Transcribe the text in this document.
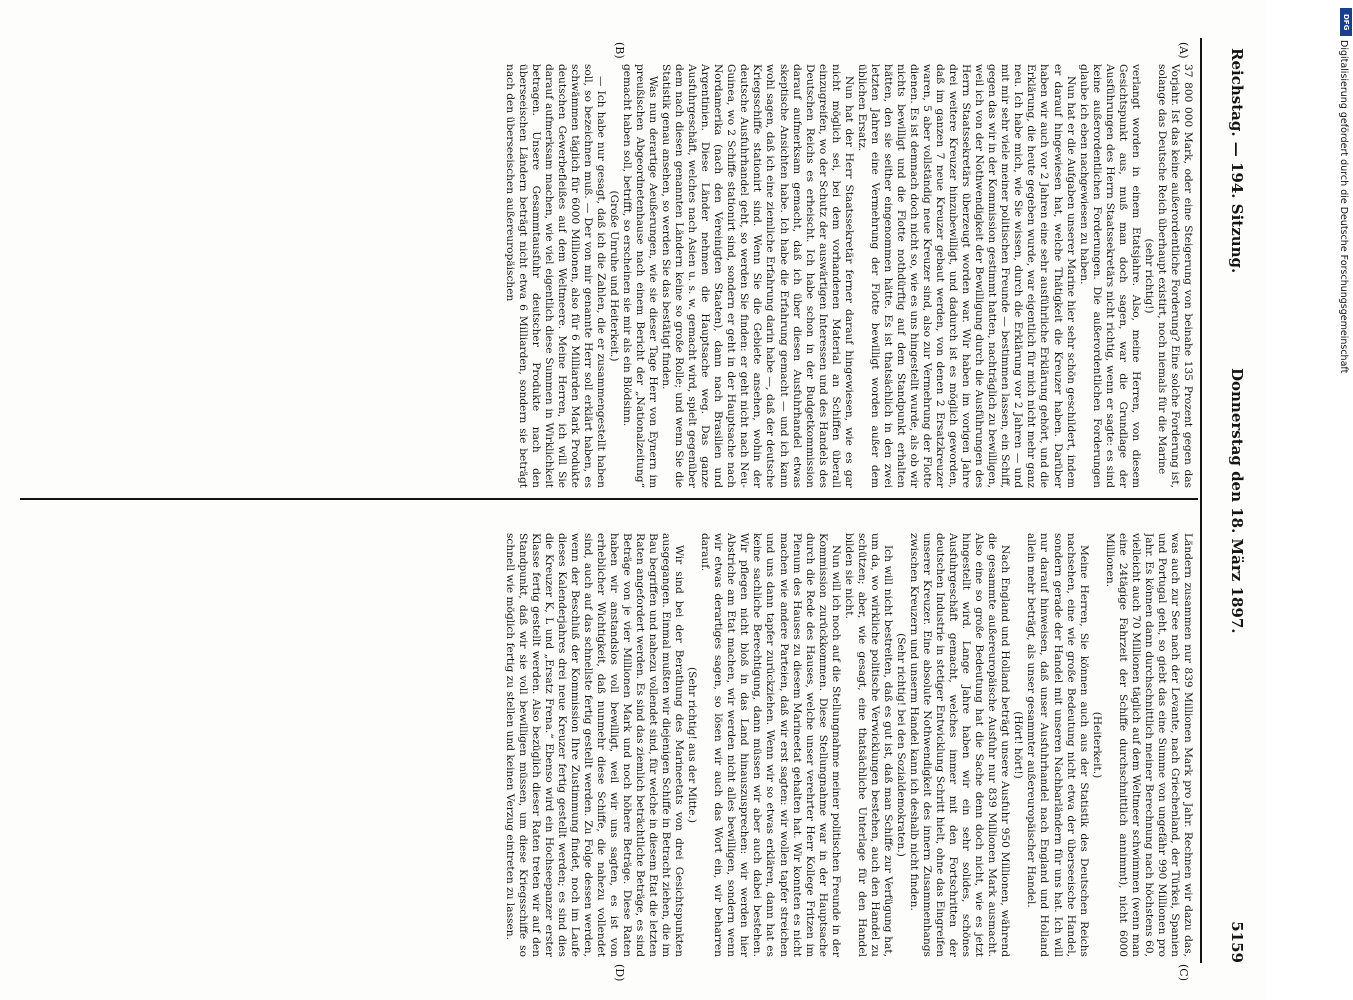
Reichstag. — 194. Sitzung.
Donnerstag den 18. März 1897.
5159
(A)
(B)
(C)
(D)

37 800 000 Mark, oder eine Steigerung von beinahe 135 Prozent gegen das Vorjahr. Ist das keine außerordentliche Forderung? Eine solche Forderung ist, solange das Deutsche Reich überhaupt existirt, noch niemals für die Marine

(sehr richtig!)

verlangt worden in einem Etatsjahre. Also, meine Herren, von diesem Gesichtspunkt aus, muß man doch sagen, war die Grundlage der Ausführungen des Herrn Staatssekretärs nicht richtig, wenn er sagte: es sind keine außerordentlichen Forderungen. Die außerordentlichen Forderungen glaube ich eben nachgewiesen zu haben.

Nun hat er die Aufgaben unserer Marine hier sehr schön geschildert, indem er darauf hingewiesen hat, welche Thätigkeit die Kreuzer haben. Darüber haben wir auch vor 2 Jahren eine sehr ausführliche Erklärung gehört, und die Erklärung, die heute gegeben wurde, war eigentlich für mich nicht mehr ganz neu. Ich habe mich, wie Sie wissen, durch die Erklärung vor 2 Jahren — und mit mir sehr viele meiner politischen Freunde — bestimmen lassen, ein Schiff, gegen das wir in der Kommission gestimmt hatten, nachträglich zu bewilligen, weil ich von der Nothwendigkeit der Bewilligung durch die Ausführungen des Herrn Staatssekretärs überzeugt worden war. Wir haben im vorigen Jahre drei weitere Kreuzer hinzubewilligt, und dadurch ist es möglich geworden, daß im ganzen 7 neue Kreuzer gebaut werden, von denen 2 Ersatzkreuzer waren, 5 aber vollständig neue Kreuzer sind, also zur Vermehrung der Flotte dienen. Es ist demnach doch nicht so, wie es uns hingestellt wurde, als ob wir nichts bewilligt und die Flotte nothdürftig auf dem Standpunkt erhalten hätten, den sie seither eingenommen hätte. Es ist thatsächlich in den zwei letzten Jahren eine Vermehrung der Flotte bewilligt worden außer dem üblichen Ersatz.

Nun hat der Herr Staatssekretär ferner darauf hingewiesen, wie es gar nicht möglich sei, bei dem vorhandenen Material an Schiffen überall einzugreifen, wo der Schutz der auswärtigen Interessen und des Handels des Deutschen Reichs es erheischt. Ich habe schon in der Budgetkommission darauf aufmerksam gemacht, daß ich über diesen Ausfuhrhandel etwas skeptische Ansichten habe. Ich habe die Erfahrung gemacht — und ich kann wohl sagen, daß ich eine ziemliche Erfahrung darin habe —, daß der deutsche Kriegsschiffe stationirt sind. Wenn Sie die Gebiete ansehen, wohin der deutsche Ausfuhrhandel geht, so werden Sie finden: er geht nicht nach Neu-Guinea, wo 2 Schiffe stationirt sind, sondern er geht in der Hauptsache nach Nordamerika (nach den Vereinigten Staaten), dann nach Brasilien und Argentinien. Diese Länder nehmen die Hauptsache weg. Das ganze Ausfuhrgeschäft, welches nach Asien u. s. w. gemacht wird, spielt gegenüber dem nach diesen genannten Ländern keine so große Rolle; und wenn Sie die Statistik genau ansehen, so werden Sie das bestätigt finden.

Was nun derartige Aeußerungen, wie sie dieser Tage Herr von Eynern im preußischen Abgeordnetenhause nach einem Bericht der „Nationalzeitung“ gemacht haben soll, betrifft, so erscheinen sie mir als ein Blödsinn.

(Große Unruhe und Heiterkeit.)

— Ich habe nur gesagt, daß ich die Zahlen, die er zusammengestellt haben soll, so bezeichnen muß. — Der von mir genannte Herr soll erklärt haben, es schwämmen täglich für 6000 Millionen, also für 6 Milliarden Mark Produkte deutschen Gewerbefleißes auf dem Weltmeere. Meine Herren, ich will Sie darauf aufmerksam machen, wie viel eigentlich diese Summen in Wirklichkeit betragen. Unsere Gesammtausfuhr deutscher Produkte nach den überseeischen Ländern beträgt nicht etwa 6 Milliarden, sondern sie beträgt nach den überseeischen außereuropäischen

Ländern zusammen nur 839 Millionen Mark pro Jahr. Rechnen wir dazu das, was auch zur See nach der Levante, nach Griechenland, der Türkei, Spanien und Portugal geht, so giebt das eine Summe von ungefähr 990 Millionen pro Jahr. Es können dann durchschnittlich meiner Berechnung nach höchstens 60, vielleicht auch 70 Millionen täglich auf dem Weltmeer schwimmen (wenn man eine 24tägige Fahrzeit der Schiffe durchschnittlich annimmt), nicht 6000 Millionen.

(Heiterkeit.)

Meine Herren, Sie können auch aus der Statistik des Deutschen Reichs nachsehen, eine wie große Bedeutung nicht etwa der überseeische Handel, sondern gerade der Handel mit unseren Nachbarländern für uns hat. Ich will nur darauf hinweisen, daß unser Ausfuhrhandel nach England und Holland allein mehr beträgt, als unser gesammter außereuropäischer Handel.

(Hört! hört!)

Nach England und Holland beträgt unsere Ausfuhr 950 Millionen, während die gesammte außereuropäische Ausfuhr nur 839 Millionen Mark ausmacht. Also eine so große Bedeutung hat die Sache denn doch nicht, wie es jetzt hingestellt wird. Lange Jahre haben wir ein sehr solides, schönes Ausfuhrgeschäft gemacht, welches immer mit den Fortschritten der deutschen Industrie in stetiger Entwicklung Schritt hielt, ohne das Eingreifen unserer Kreuzer. Eine absolute Nothwendigkeit des innern Zusammenhangs zwischen Kreuzern und unserm Handel kann ich deshalb nicht finden.

(Sehr richtig! bei den Sozialdemokraten.)

Ich will nicht bestreiten, daß es gut ist, daß man Schiffe zur Verfügung hat, um da, wo wirkliche politische Verwicklungen bestehen, auch den Handel zu schützen; aber, wie gesagt, eine thatsächliche Unterlage für den Handel bilden sie nicht.

Nun will ich noch auf die Stellungnahme meiner politischen Freunde in der Kommission zurückkommen. Diese Stellungnahme war in der Hauptsache durch die Rede des Hauses, welche unser verehrter Herr Kollege Fritzen im Plenum des Hauses zu diesem Marineetat gehalten hat. Wir konnten es nicht machen wie andere Parteien, daß wir erst sagten: wir wollen tapfer streichen und uns dann tapfer zurückziehen. Wenn wir so etwas erklären, dann hat es keine sachliche Berechtigung, dann müssen wir aber auch dabei bestehen. Wir pflegen nicht bloß in das Land hinauszusprechen: wir werden hier Abstriche am Etat machen, wir werden nicht alles bewilligen, sondern wenn wir etwas derartiges sagen, so lösen wir auch das Wort ein, wir beharren darauf.

(Sehr richtig! aus der Mitte.)

Wir sind bei der Berathung des Marineetats von drei Gesichtspunkten ausgegangen. Einmal mußten wir diejenigen Schiffe in Betracht ziehen, die im Bau begriffen und nahezu vollendet sind, für welche in diesem Etat die letzten Raten angefordert werden. Es sind das ziemlich beträchtliche Beträge, es sind Beträge von je vier Millionen Mark und noch höhere Beträge. Diese Raten haben wir anstandslos voll bewilligt, weil wir uns sagten, es ist von erheblicher Wichtigkeit, daß nunmehr diese Schiffe, die nahezu vollendet sind, auch auf das schnellste fertig gestellt werden. Zu Folge dessen werden, wenn der Beschluß der Kommission Ihre Zustimmung findet, noch im Laufe dieses Kalenderjahres drei neue Kreuzer fertig gestellt werden; es sind dies die Kreuzer K, L und „Ersatz Frena.“ Ebenso wird ein Hochseepanzer erster Klasse fertig gestellt werden. Also bezüglich dieser Raten treten wir auf den Standpunkt, daß wir sie voll bewilligen müssen, um diese Kriegsschiffe so schnell wie möglich fertig zu stellen und keinen Verzug eintreten zu lassen.

DFG
Digitalisierung gefördert durch die Deutsche Forschungsgemeinschaft
